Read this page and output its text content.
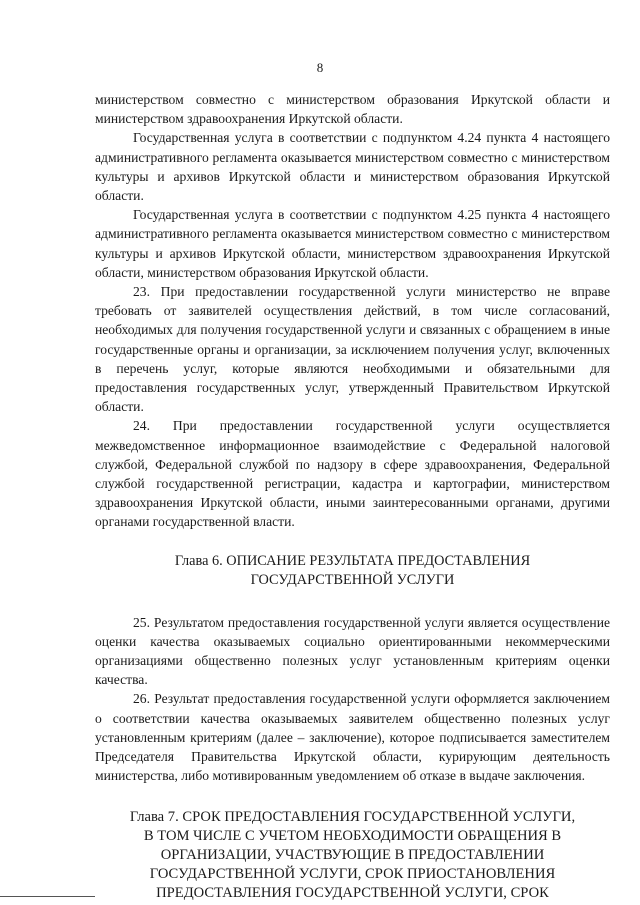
8

министерством совместно с министерством образования Иркутской области и министерством здравоохранения Иркутской области.

Государственная услуга в соответствии с подпунктом 4.24 пункта 4 настоящего административного регламента оказывается министерством совместно с министерством культуры и архивов Иркутской области и министерством образования Иркутской области.

Государственная услуга в соответствии с подпунктом 4.25 пункта 4 настоящего административного регламента оказывается министерством совместно с министерством культуры и архивов Иркутской области, министерством здравоохранения Иркутской области, министерством образования Иркутской области.

23. При предоставлении государственной услуги министерство не вправе требовать от заявителей осуществления действий, в том числе согласований, необходимых для получения государственной услуги и связанных с обращением в иные государственные органы и организации, за исключением получения услуг, включенных в перечень услуг, которые являются необходимыми и обязательными для предоставления государственных услуг, утвержденный Правительством Иркутской области.

24. При предоставлении государственной услуги осуществляется межведомственное информационное взаимодействие с Федеральной налоговой службой, Федеральной службой по надзору в сфере здравоохранения, Федеральной службой государственной регистрации, кадастра и картографии, министерством здравоохранения Иркутской области, иными заинтересованными органами, другими органами государственной власти.

Глава 6. ОПИСАНИЕ РЕЗУЛЬТАТА ПРЕДОСТАВЛЕНИЯ

ГОСУДАРСТВЕННОЙ УСЛУГИ

25. Результатом предоставления государственной услуги является осуществление оценки качества оказываемых социально ориентированными некоммерческими организациями общественно полезных услуг установленным критериям оценки качества.

26. Результат предоставления государственной услуги оформляется заключением о соответствии качества оказываемых заявителем общественно полезных услуг установленным критериям (далее – заключение), которое подписывается заместителем Председателя Правительства Иркутской области, курирующим деятельность министерства, либо мотивированным уведомлением об отказе в выдаче заключения.

Глава 7. СРОК ПРЕДОСТАВЛЕНИЯ ГОСУДАРСТВЕННОЙ УСЛУГИ,

В ТОМ ЧИСЛЕ С УЧЕТОМ НЕОБХОДИМОСТИ ОБРАЩЕНИЯ В

ОРГАНИЗАЦИИ, УЧАСТВУЮЩИЕ В ПРЕДОСТАВЛЕНИИ

ГОСУДАРСТВЕННОЙ УСЛУГИ, СРОК ПРИОСТАНОВЛЕНИЯ

ПРЕДОСТАВЛЕНИЯ ГОСУДАРСТВЕННОЙ УСЛУГИ, СРОК
